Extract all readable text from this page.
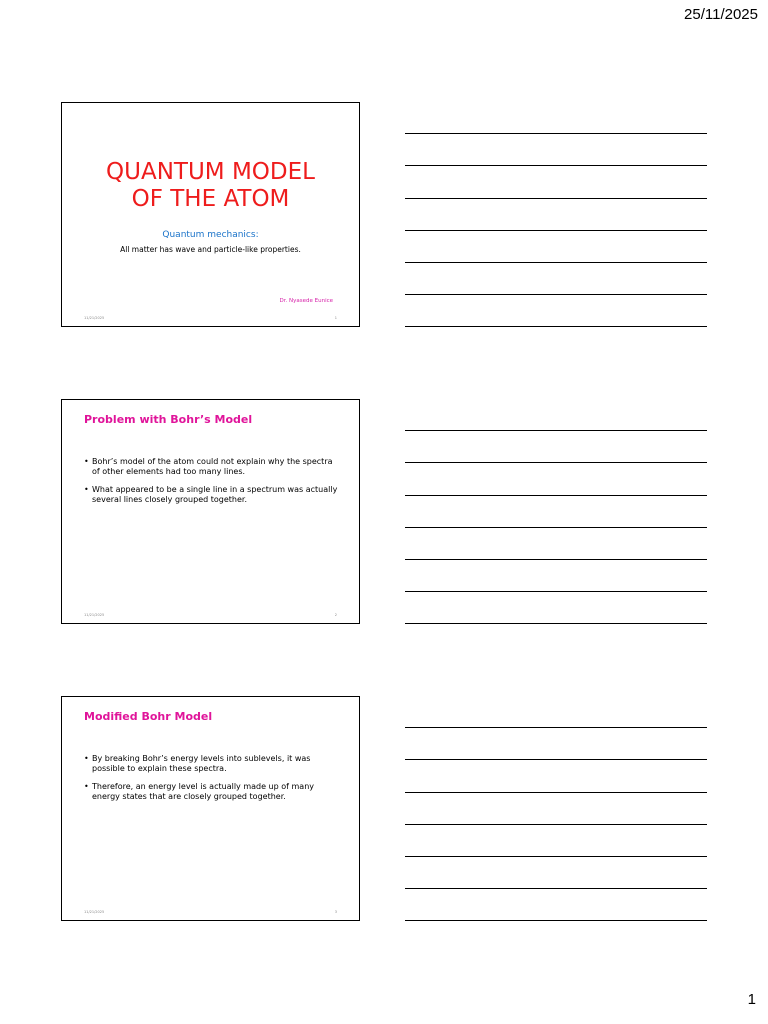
25/11/2025
QUANTUM MODEL
OF THE ATOM
Quantum mechanics:
All matter has wave and particle-like properties.
Dr. Nyasede Eunice
11/21/2025	1
Problem with Bohr’s Model
• Bohr’s model of the atom could not explain why the spectra of other elements had too many lines.
• What appeared to be a single line in a spectrum was actually several lines closely grouped together.
11/21/2025	2
Modified Bohr Model
• By breaking Bohr’s energy levels into sublevels, it was possible to explain these spectra.
• Therefore, an energy level is actually made up of many energy states that are closely grouped together.
11/21/2025	3
1
